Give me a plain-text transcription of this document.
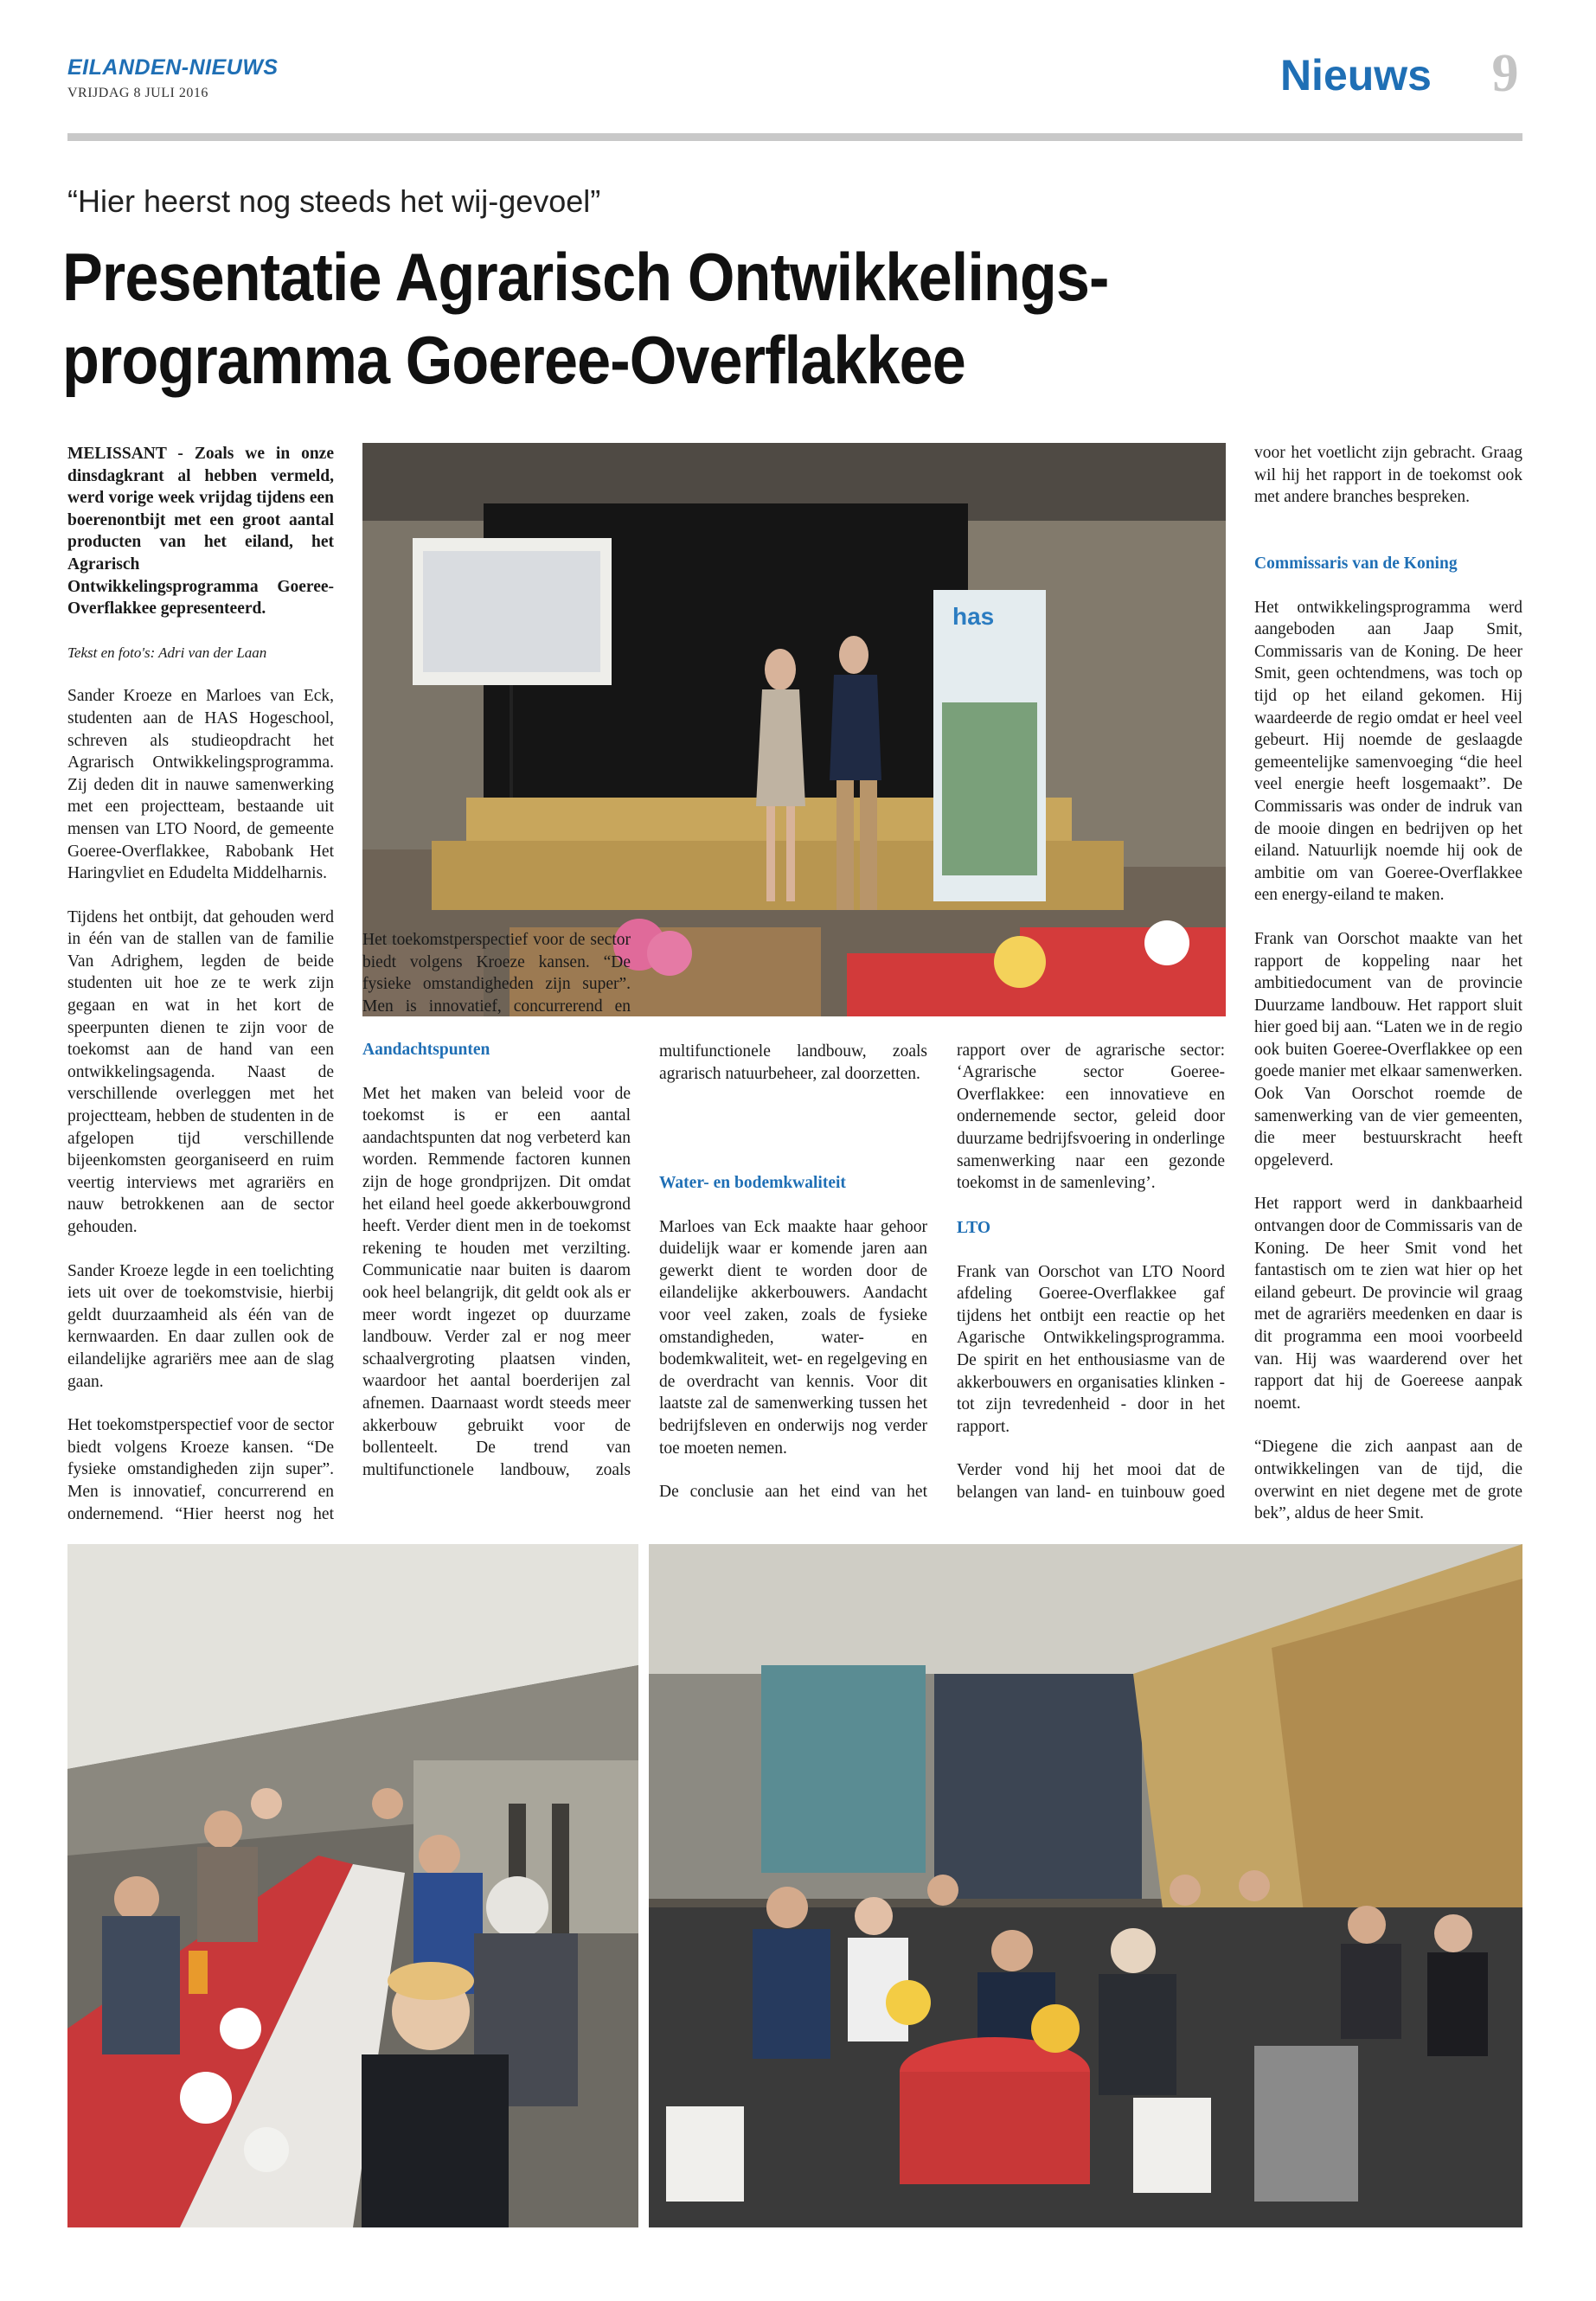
EILANDEN-NIEUWS
VRIJDAG 8 JULI 2016	Nieuws	9
“Hier heerst nog steeds het wij-gevoel”
Presentatie Agrarisch Ontwikkelings-
programma Goeree-Overflakkee

MELISSANT - Zoals we in onze dinsdagkrant al hebben vermeld, werd vorige week vrijdag tijdens een boerenontbijt met een groot aantal producten van het eiland, het Agrarisch Ontwikkelingsprogramma Goeree-Overflakkee gepresenteerd.

Tekst en foto's: Adri van der Laan

Sander Kroeze en Marloes van Eck, studenten aan de HAS Hogeschool, schreven als studieopdracht het Agrarisch Ontwikkelingsprogramma. Zij deden dit in nauwe samenwerking met een projectteam, bestaande uit mensen van LTO Noord, de gemeente Goeree-Overflakkee, Rabobank Het Haringvliet en Edudelta Middelharnis.

Tijdens het ontbijt, dat gehouden werd in één van de stallen van de familie Van Adrighem, legden de beide studenten uit hoe ze te werk zijn gegaan en wat in het kort de speerpunten dienen te zijn voor de toekomst aan de hand van een ontwikkelingsagenda. Naast de verschillende overleggen met het projectteam, hebben de studenten in de afgelopen tijd verschillende bijeenkomsten georganiseerd en ruim veertig interviews met agrariërs en nauw betrokkenen aan de sector gehouden.

Sander Kroeze legde in een toelichting iets uit over de toekomstvisie, hierbij geldt duurzaamheid als één van de kernwaarden. En daar zullen ook de eilandelijke agrariërs mee aan de slag gaan.

Het toekomstperspectief voor de sector biedt volgens Kroeze kansen. “De fysieke omstandigheden zijn super”. Men is innovatief, concurrerend en ondernemend. “Hier heerst nog het

has

Het toekomstperspectief voor de sector biedt volgens Kroeze kansen. “De fysieke omstandigheden zijn super”. Men is innovatief, concurrerend en

Aandachtspunten

Met het maken van beleid voor de toekomst is er een aantal aandachtspunten dat nog verbeterd kan worden. Remmende factoren kunnen zijn de hoge grondprijzen. Dit omdat het eiland heel goede akkerbouwgrond heeft. Verder dient men in de toekomst rekening te houden met verzilting. Communicatie naar buiten is daarom ook heel belangrijk, dit geldt ook als er meer wordt ingezet op duurzame landbouw. Verder zal er nog meer schaalvergroting plaatsen vinden, waardoor het aantal boerderijen zal afnemen. Daarnaast wordt steeds meer akkerbouw gebruikt voor de bollenteelt. De trend van multifunctionele landbouw, zoals

multifunctionele landbouw, zoals agrarisch natuurbeheer, zal doorzetten.

Water- en bodemkwaliteit

Marloes van Eck maakte haar gehoor duidelijk waar er komende jaren aan gewerkt dient te worden door de eilandelijke akkerbouwers. Aandacht voor veel zaken, zoals de fysieke omstandigheden, water- en bodemkwaliteit, wet- en regelgeving en de overdracht van kennis. Voor dit laatste zal de samenwerking tussen het bedrijfsleven en onderwijs nog verder toe moeten nemen.

De conclusie aan het eind van het

rapport over de agrarische sector: ‘Agrarische sector Goeree-Overflakkee: een innovatieve en ondernemende sector, geleid door duurzame bedrijfsvoering in onderlinge samenwerking naar een gezonde toekomst in de samenleving’.

LTO

Frank van Oorschot van LTO Noord afdeling Goeree-Overflakkee gaf tijdens het ontbijt een reactie op het Agarische Ontwikkelingsprogramma. De spirit en het enthousiasme van de akkerbouwers en organisaties klinken - tot zijn tevredenheid - door in het rapport.

Verder vond hij het mooi dat de belangen van land- en tuinbouw goed

voor het voetlicht zijn gebracht. Graag wil hij het rapport in de toekomst ook met andere branches bespreken.

Commissaris van de Koning

Het ontwikkelingsprogramma werd aangeboden aan Jaap Smit, Commissaris van de Koning. De heer Smit, geen ochtendmens, was toch op tijd op het eiland gekomen. Hij waardeerde de regio omdat er heel veel gebeurt. Hij noemde de geslaagde gemeentelijke samenvoeging “die heel veel energie heeft losgemaakt”. De Commissaris was onder de indruk van de mooie dingen en bedrijven op het eiland. Natuurlijk noemde hij ook de ambitie om van Goeree-Overflakkee een energy-eiland te maken.

Frank van Oorschot maakte van het rapport de koppeling naar het ambitiedocument van de provincie Duurzame landbouw. Het rapport sluit hier goed bij aan. “Laten we in de regio ook buiten Goeree-Overflakkee op een goede manier met elkaar samenwerken. Ook Van Oorschot roemde de samenwerking van de vier gemeenten, die meer bestuurskracht heeft opgeleverd.

Het rapport werd in dankbaarheid ontvangen door de Commissaris van de Koning. De heer Smit vond het fantastisch om te zien wat hier op het eiland gebeurt. De provincie wil graag met de agrariërs meedenken en daar is dit programma een mooi voorbeeld van. Hij was waarderend over het rapport dat hij de Goereese aanpak noemt.

“Diegene die zich aanpast aan de ontwikkelingen van de tijd, die overwint en niet degene met de grote bek”, aldus de heer Smit.
